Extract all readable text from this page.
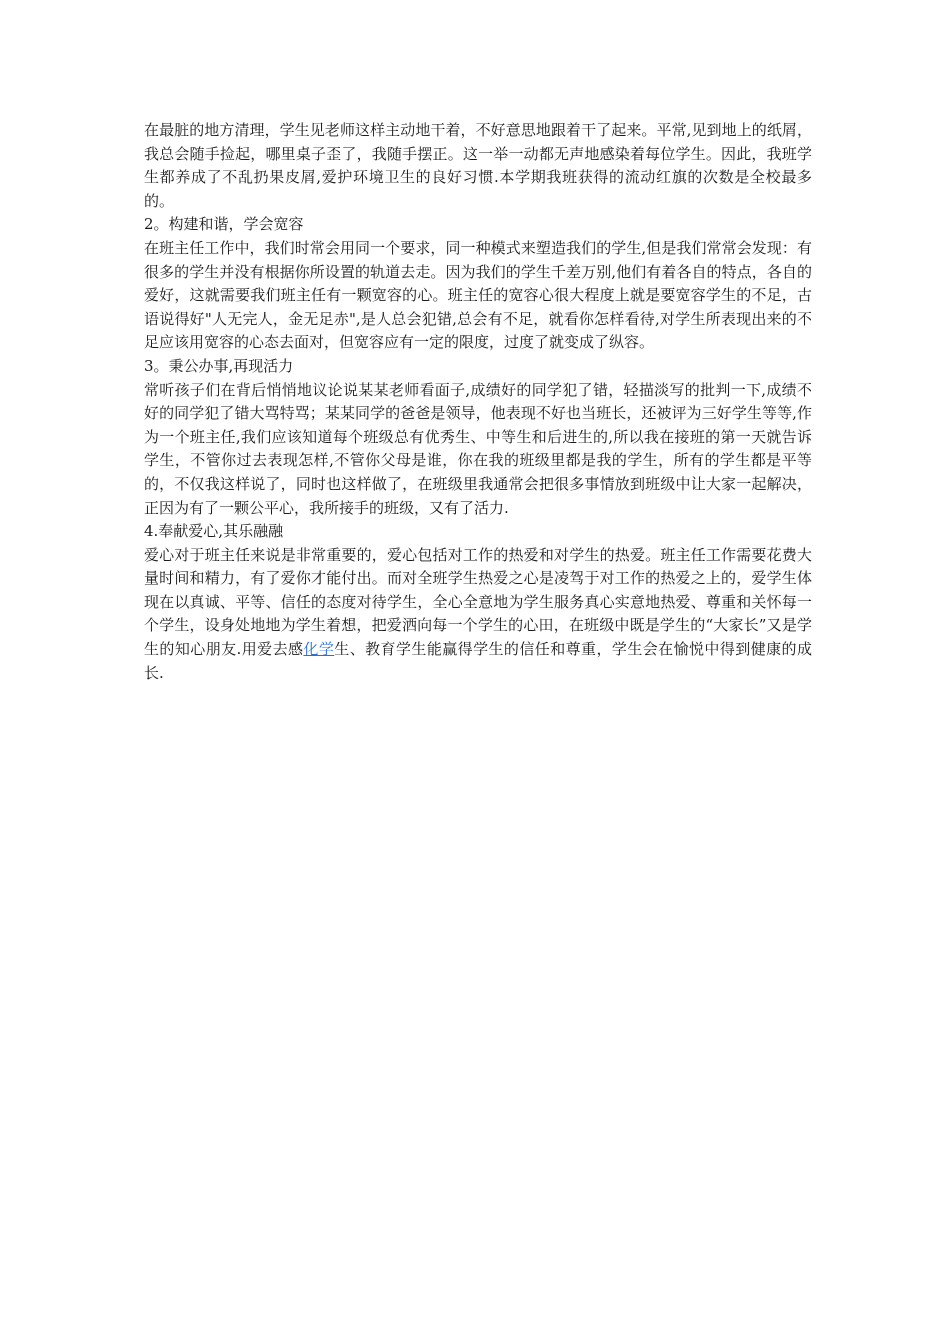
在最脏的地方清理，学生见老师这样主动地干着，不好意思地跟着干了起来。平常,见到地上的纸屑，我总会随手捡起，哪里桌子歪了，我随手摆正。这一举一动都无声地感染着每位学生。因此，我班学生都养成了不乱扔果皮屑,爱护环境卫生的良好习惯.本学期我班获得的流动红旗的次数是全校最多的。

2。构建和谐，学会宽容

在班主任工作中，我们时常会用同一个要求，同一种模式来塑造我们的学生,但是我们常常会发现：有很多的学生并没有根据你所设置的轨道去走。因为我们的学生千差万别,他们有着各自的特点，各自的爱好，这就需要我们班主任有一颗宽容的心。班主任的宽容心很大程度上就是要宽容学生的不足，古语说得好"人无完人，金无足赤",是人总会犯错,总会有不足，就看你怎样看待,对学生所表现出来的不足应该用宽容的心态去面对，但宽容应有一定的限度，过度了就变成了纵容。

3。秉公办事,再现活力

常听孩子们在背后悄悄地议论说某某老师看面子,成绩好的同学犯了错，轻描淡写的批判一下,成绩不好的同学犯了错大骂特骂；某某同学的爸爸是领导，他表现不好也当班长，还被评为三好学生等等,作为一个班主任,我们应该知道每个班级总有优秀生、中等生和后进生的,所以我在接班的第一天就告诉学生，不管你过去表现怎样,不管你父母是谁，你在我的班级里都是我的学生，所有的学生都是平等的，不仅我这样说了，同时也这样做了，在班级里我通常会把很多事情放到班级中让大家一起解决，正因为有了一颗公平心，我所接手的班级，又有了活力.

4.奉献爱心,其乐融融

爱心对于班主任来说是非常重要的，爱心包括对工作的热爱和对学生的热爱。班主任工作需要花费大量时间和精力，有了爱你才能付出。而对全班学生热爱之心是凌驾于对工作的热爱之上的，爱学生体现在以真诚、平等、信任的态度对待学生，全心全意地为学生服务真心实意地热爱、尊重和关怀每一个学生，设身处地地为学生着想，把爱洒向每一个学生的心田，在班级中既是学生的“大家长”又是学生的知心朋友.用爱去感化学生、教育学生能赢得学生的信任和尊重，学生会在愉悦中得到健康的成长.
